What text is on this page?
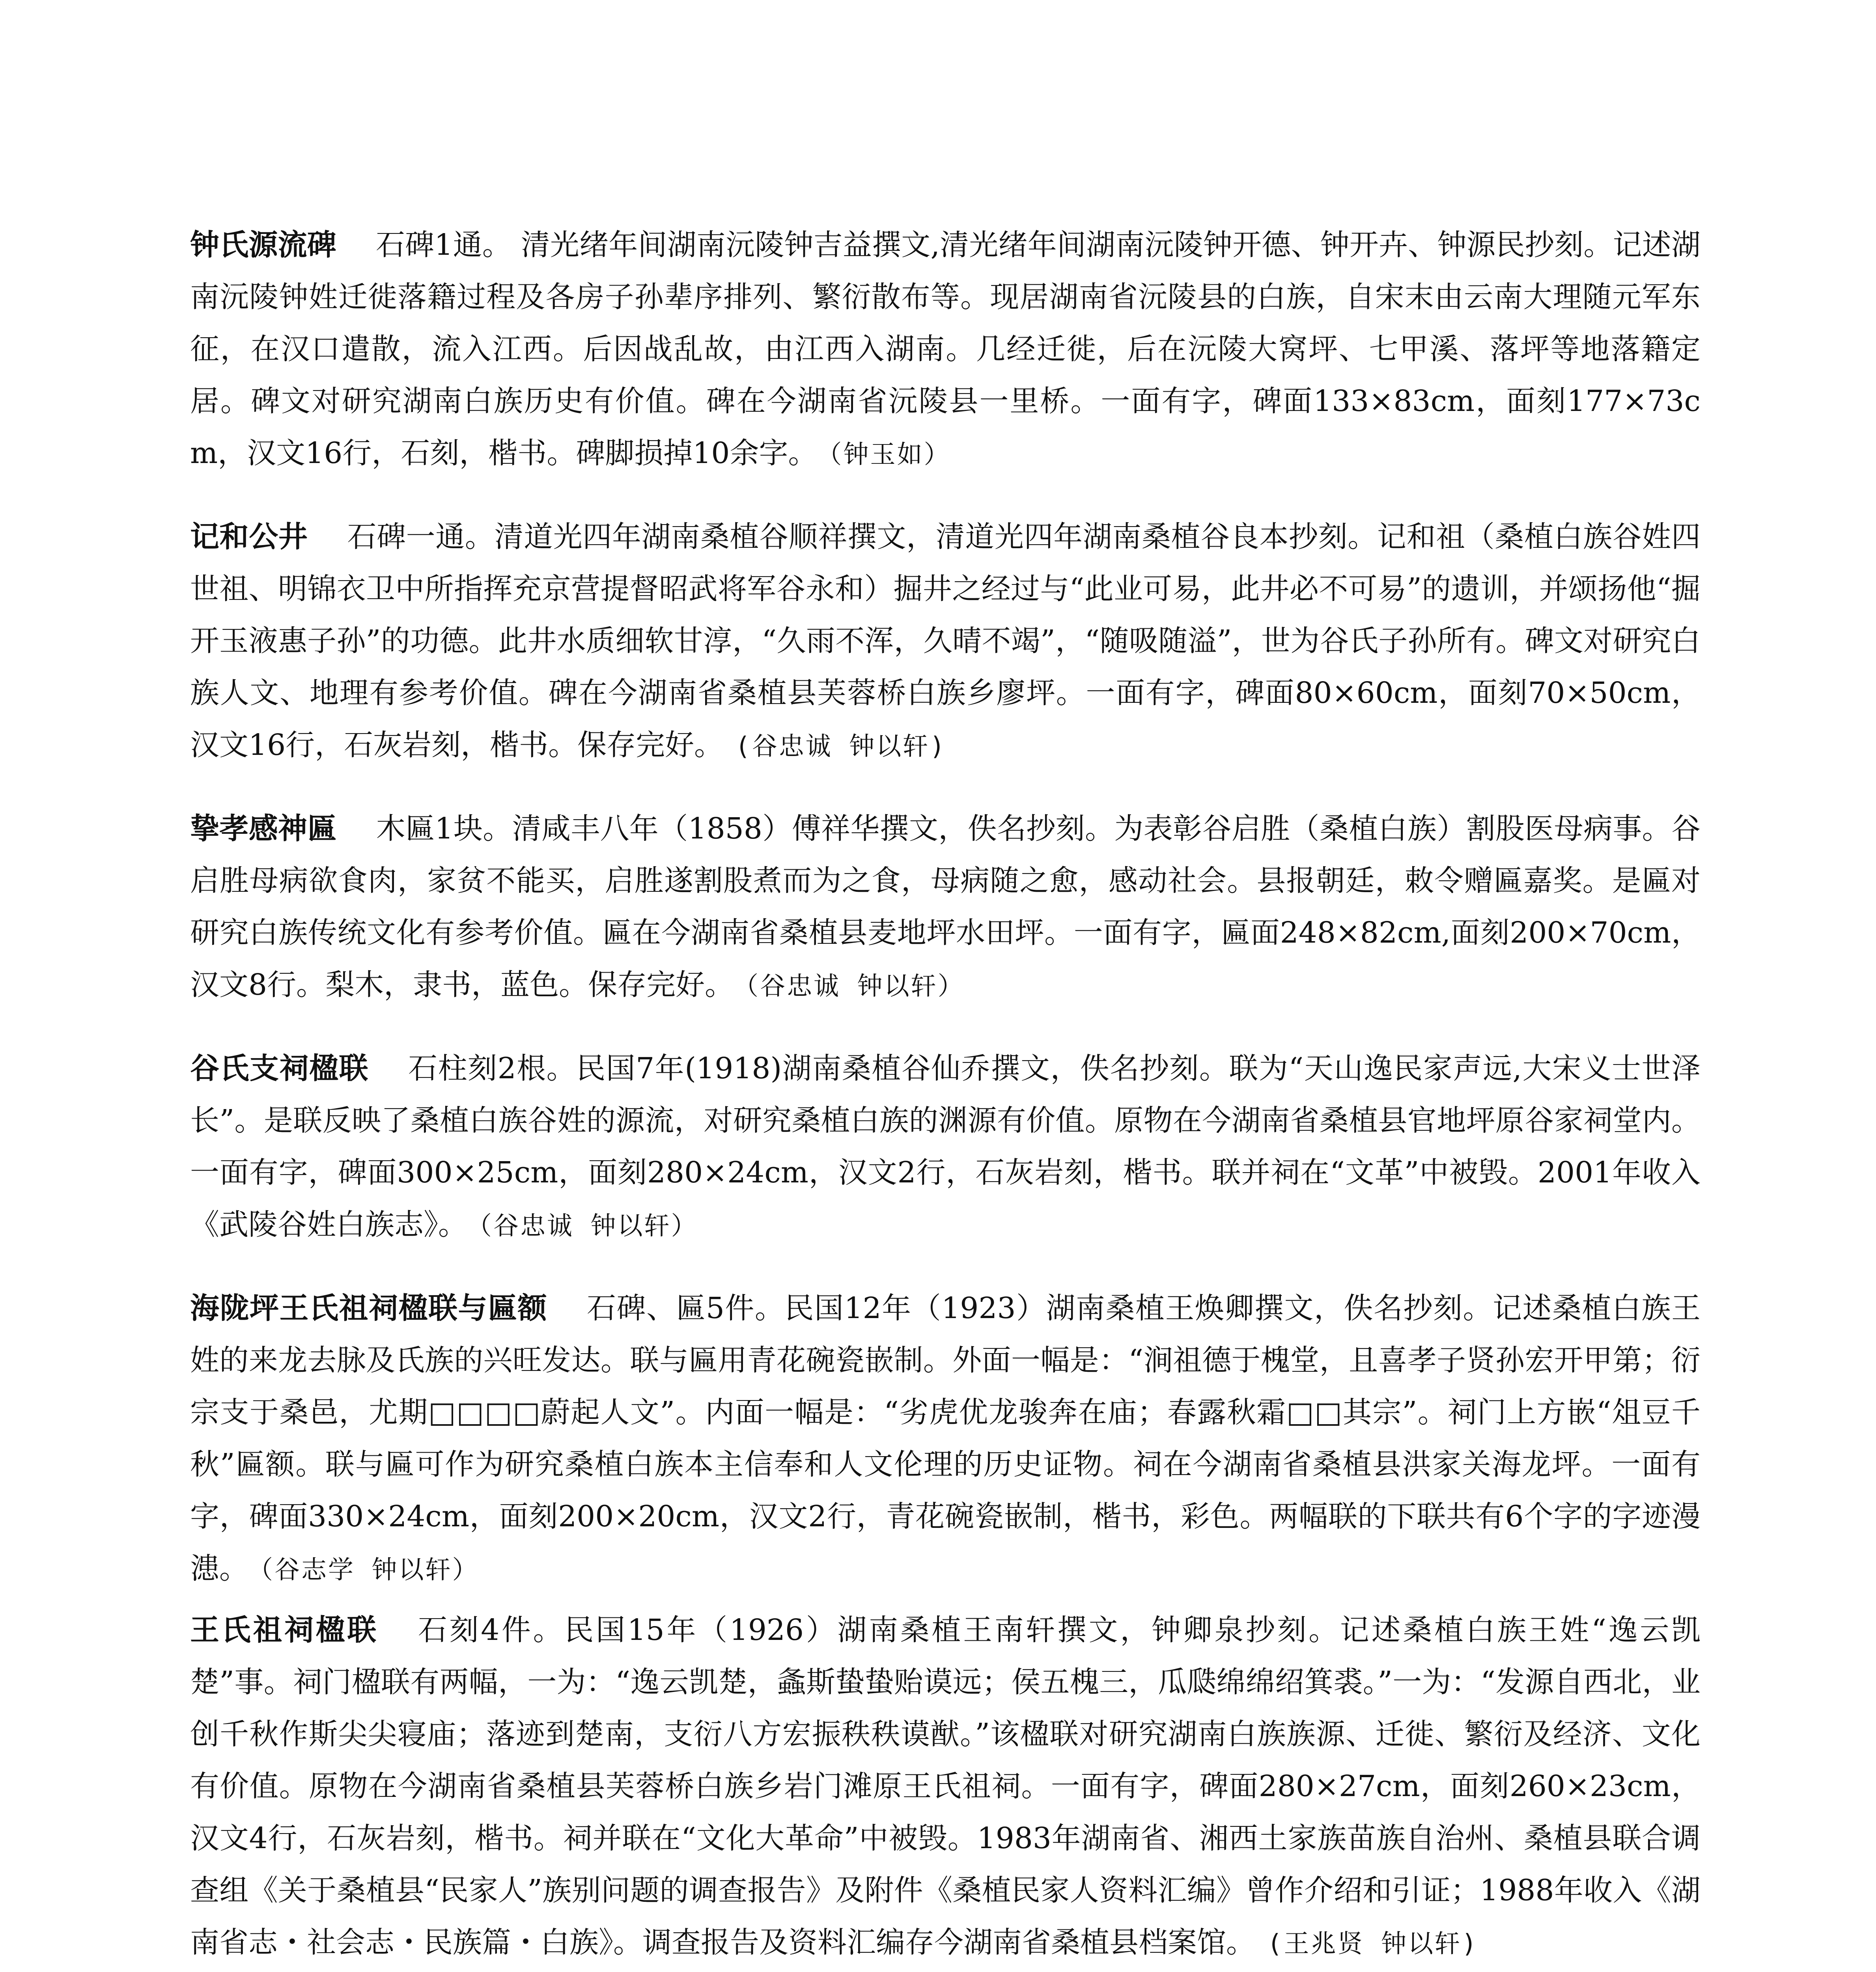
钟氏源流碑 石碑1通。 清光绪年间湖南沅陵钟吉益撰文,清光绪年间湖南沅陵钟开德、钟开卉、钟源民抄刻。记述湖南沅陵钟姓迁徙落籍过程及各房子孙辈序排列、繁衍散布等。现居湖南省沅陵县的白族，自宋末由云南大理随元军东征，在汉口遣散，流入江西。后因战乱故，由江西入湖南。几经迁徙，后在沅陵大窝坪、七甲溪、落坪等地落籍定居。碑文对研究湖南白族历史有价值。碑在今湖南省沅陵县一里桥。一面有字，碑面133×83cm，面刻177×73cm，汉文16行，石刻，楷书。碑脚损掉10余字。 （钟玉如）

记和公井 石碑一通。清道光四年湖南桑植谷顺祥撰文，清道光四年湖南桑植谷良本抄刻。记和祖（桑植白族谷姓四世祖、明锦衣卫中所指挥充京营提督昭武将军谷永和）掘井之经过与“此业可易，此井必不可易”的遗训，并颂扬他“掘开玉液惠子孙”的功德。此井水质细软甘淳，“久雨不浑，久晴不竭”，“随吸随溢”，世为谷氏子孙所有。碑文对研究白族人文、地理有参考价值。碑在今湖南省桑植县芙蓉桥白族乡廖坪。一面有字，碑面80×60cm，面刻70×50cm，汉文16行，石灰岩刻，楷书。保存完好。 (谷忠诚 钟以轩)

挚孝感神匾 木匾1块。清咸丰八年（1858）傅祥华撰文，佚名抄刻。为表彰谷启胜（桑植白族）割股医母病事。谷启胜母病欲食肉，家贫不能买，启胜遂割股煮而为之食，母病随之愈，感动社会。县报朝廷，敕令赠匾嘉奖。是匾对研究白族传统文化有参考价值。匾在今湖南省桑植县麦地坪水田坪。一面有字，匾面248×82cm,面刻200×70cm，汉文8行。梨木，隶书，蓝色。保存完好。 （谷忠诚 钟以轩）

谷氏支祠楹联 石柱刻2根。民国7年(1918)湖南桑植谷仙乔撰文，佚名抄刻。联为“天山逸民家声远,大宋义士世泽长”。是联反映了桑植白族谷姓的源流，对研究桑植白族的渊源有价值。原物在今湖南省桑植县官地坪原谷家祠堂内。一面有字，碑面300×25cm，面刻280×24cm，汉文2行，石灰岩刻，楷书。联并祠在“文革”中被毁。2001年收入《武陵谷姓白族志》。 （谷忠诚 钟以轩）

海陇坪王氏祖祠楹联与匾额 石碑、匾5件。民国12年（1923）湖南桑植王焕卿撰文，佚名抄刻。记述桑植白族王姓的来龙去脉及氏族的兴旺发达。联与匾用青花碗瓷嵌制。外面一幅是：“涧祖德于槐堂，且喜孝子贤孙宏开甲第；衍宗支于桑邑，尤期□□□□蔚起人文”。内面一幅是：“劣虎优龙骏奔在庙；春露秋霜□□其宗”。祠门上方嵌“俎豆千秋”匾额。联与匾可作为研究桑植白族本主信奉和人文伦理的历史证物。祠在今湖南省桑植县洪家关海龙坪。一面有字，碑面330×24cm，面刻200×20cm，汉文2行，青花碗瓷嵌制，楷书，彩色。两幅联的下联共有6个字的字迹漫漶。 （谷志学 钟以轩）

王氏祖祠楹联 石刻4件。民国15年（1926）湖南桑植王南轩撰文，钟卿泉抄刻。记述桑植白族王姓“逸云凯楚”事。祠门楹联有两幅，一为：“逸云凯楚，螽斯蛰蛰贻谟远；侯五槐三，瓜瓞绵绵绍箕裘。”一为：“发源自西北，业创千秋作斯尖尖寝庙；落迹到楚南，支衍八方宏振秩秩谟猷。”该楹联对研究湖南白族族源、迁徙、繁衍及经济、文化有价值。原物在今湖南省桑植县芙蓉桥白族乡岩门滩原王氏祖祠。一面有字，碑面280×27cm，面刻260×23cm，汉文4行，石灰岩刻，楷书。祠并联在“文化大革命”中被毁。1983年湖南省、湘西土家族苗族自治州、桑植县联合调查组《关于桑植县“民家人”族别问题的调查报告》及附件《桑植民家人资料汇编》曾作介绍和引证；1988年收入《湖南省志・社会志・民族篇・白族》。调查报告及资料汇编存今湖南省桑植县档案馆。 (王兆贤 钟以轩)
